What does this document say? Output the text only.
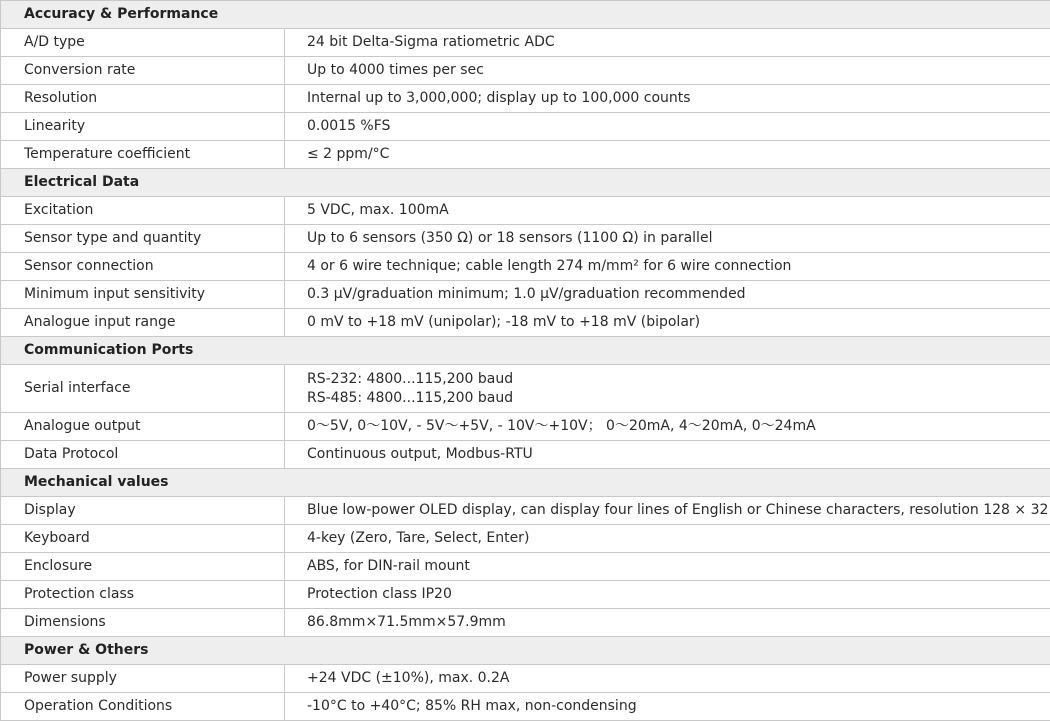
Accuracy & Performance	
A/D type	24 bit Delta-Sigma ratiometric ADC
Conversion rate	Up to 4000 times per sec
Resolution	Internal up to 3,000,000; display up to 100,000 counts
Linearity	0.0015 %FS
Temperature coefficient	≤ 2 ppm/°C
Electrical Data	
Excitation	5 VDC, max. 100mA
Sensor type and quantity	Up to 6 sensors (350 Ω) or 18 sensors (1100 Ω) in parallel
Sensor connection	4 or 6 wire technique; cable length 274 m/mm² for 6 wire connection
Minimum input sensitivity	0.3 μV/graduation minimum; 1.0 μV/graduation recommended
Analogue input range	0 mV to +18 mV (unipolar); -18 mV to +18 mV (bipolar)
Communication Ports	
Serial interface	RS-232: 4800...115,200 baud
RS-485: 4800...115,200 baud

Analogue output	0～5V, 0～10V, - 5V～+5V, - 10V～+10V； 0～20mA, 4～20mA, 0～24mA
Data Protocol	Continuous output, Modbus-RTU
Mechanical values	
Display	Blue low-power OLED display, can display four lines of English or Chinese characters, resolution 128 × 32
Keyboard	4-key (Zero, Tare, Select, Enter)
Enclosure	ABS, for DIN-rail mount
Protection class	Protection class IP20
Dimensions	86.8mm×71.5mm×57.9mm
Power & Others	
Power supply	+24 VDC (±10%), max. 0.2A
Operation Conditions	-10°C to +40°C; 85% RH max, non-condensing
